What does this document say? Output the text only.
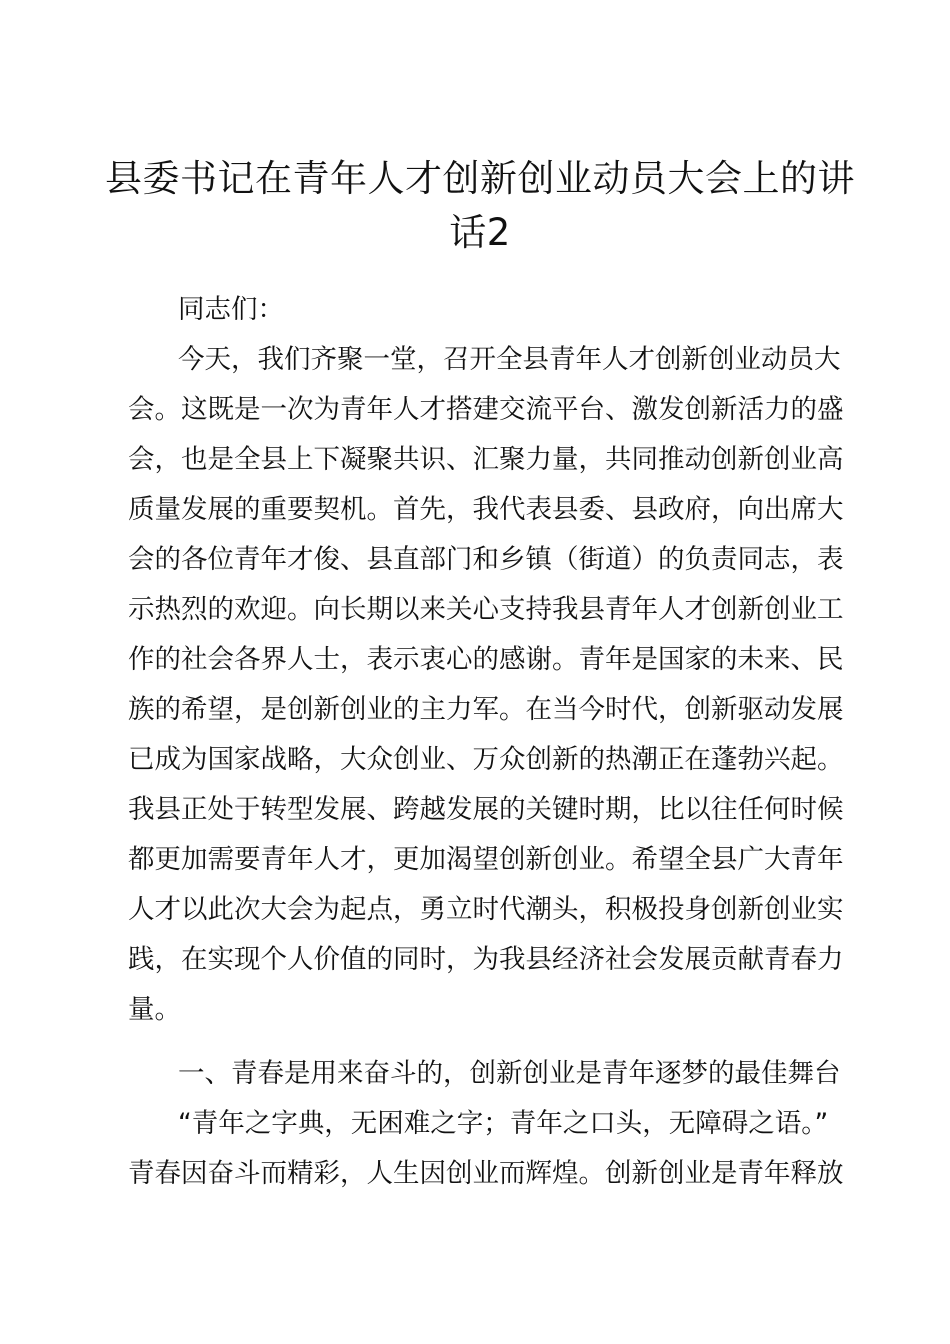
县委书记在青年人才创新创业动员大会上的讲
话2
同志们：
今天，我们齐聚一堂，召开全县青年人才创新创业动员大
会。这既是一次为青年人才搭建交流平台、激发创新活力的盛
会，也是全县上下凝聚共识、汇聚力量，共同推动创新创业高
质量发展的重要契机。首先，我代表县委、县政府，向出席大
会的各位青年才俊、县直部门和乡镇（街道）的负责同志，表
示热烈的欢迎。向长期以来关心支持我县青年人才创新创业工
作的社会各界人士，表示衷心的感谢。青年是国家的未来、民
族的希望，是创新创业的主力军。在当今时代，创新驱动发展
已成为国家战略，大众创业、万众创新的热潮正在蓬勃兴起。
我县正处于转型发展、跨越发展的关键时期，比以往任何时候
都更加需要青年人才，更加渴望创新创业。希望全县广大青年
人才以此次大会为起点，勇立时代潮头，积极投身创新创业实
践，在实现个人价值的同时，为我县经济社会发展贡献青春力
量。
一、青春是用来奋斗的，创新创业是青年逐梦的最佳舞台
“青年之字典，无困难之字；青年之口头，无障碍之语。”
青春因奋斗而精彩，人生因创业而辉煌。创新创业是青年释放
